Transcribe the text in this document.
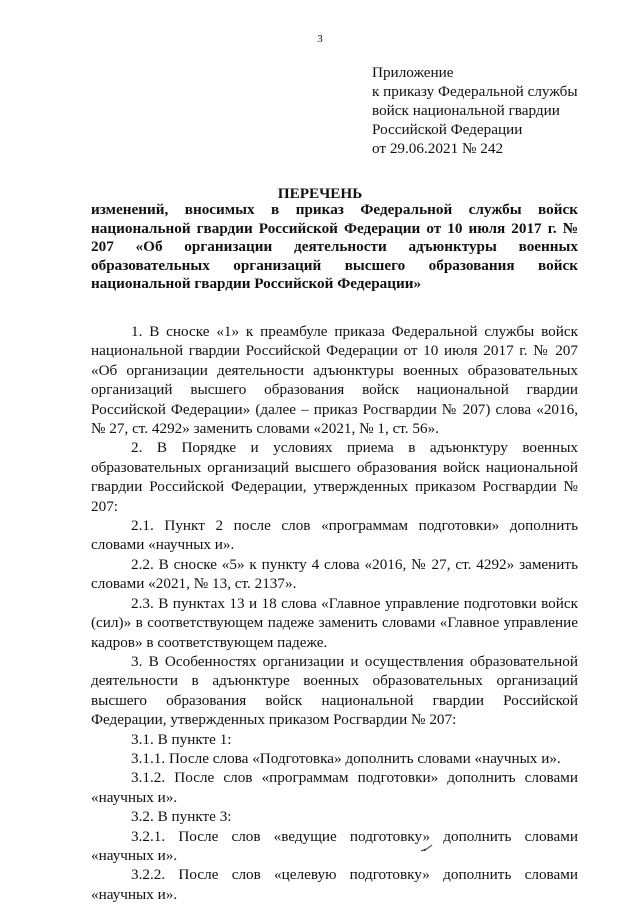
3
Приложение
к приказу Федеральной службы
войск национальной гвардии
Российской Федерации
от 29.06.2021 № 242
ПЕРЕЧЕНЬ
изменений, вносимых в приказ Федеральной службы войск национальной гвардии Российской Федерации от 10 июля 2017 г. № 207 «Об организации деятельности адъюнктуры военных образовательных организаций высшего образования войск национальной гвардии Российской Федерации»

1. В сноске «1» к преамбуле приказа Федеральной службы войск национальной гвардии Российской Федерации от 10 июля 2017 г. № 207 «Об организации деятельности адъюнктуры военных образовательных организаций высшего образования войск национальной гвардии Российской Федерации» (далее – приказ Росгвардии № 207) слова «2016, № 27, ст. 4292» заменить словами «2021, № 1, ст. 56».

2. В Порядке и условиях приема в адъюнктуру военных образовательных организаций высшего образования войск национальной гвардии Российской Федерации, утвержденных приказом Росгвардии № 207:

2.1. Пункт 2 после слов «программам подготовки» дополнить словами «научных и».

2.2. В сноске «5» к пункту 4 слова «2016, № 27, ст. 4292» заменить словами «2021, № 13, ст. 2137».

2.3. В пунктах 13 и 18 слова «Главное управление подготовки войск (сил)» в соответствующем падеже заменить словами «Главное управление кадров» в соответствующем падеже.

3. В Особенностях организации и осуществления образовательной деятельности в адъюнктуре военных образовательных организаций высшего образования войск национальной гвардии Российской Федерации, утвержденных приказом Росгвардии № 207:

3.1. В пункте 1:

3.1.1. После слова «Подготовка» дополнить словами «научных и».

3.1.2. После слов «программам подготовки» дополнить словами «научных и».

3.2. В пункте 3:

3.2.1. После слов «ведущие подготовку» дополнить словами «научных и».

3.2.2. После слов «целевую подготовку» дополнить словами «научных и».
